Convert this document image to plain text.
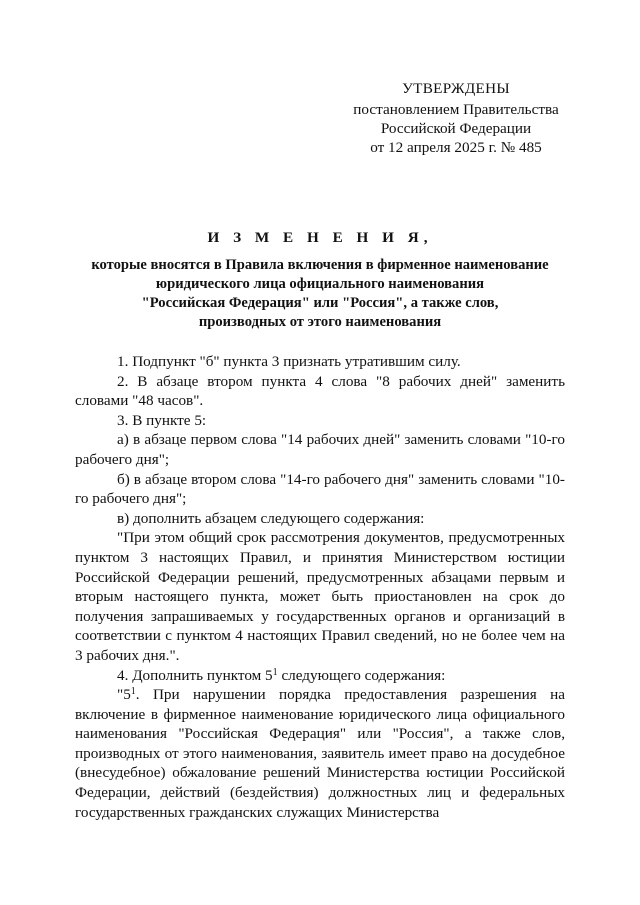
УТВЕРЖДЕНЫ
постановлением Правительства
Российской Федерации
от 12 апреля 2025 г. № 485
И З М Е Н Е Н И Я,
которые вносятся в Правила включения в фирменное наименование
юридического лица официального наименования
"Российская Федерация" или "Россия", а также слов,
производных от этого наименования

1. Подпункт "б" пункта 3 признать утратившим силу.

2. В абзаце втором пункта 4 слова "8 рабочих дней" заменить словами "48 часов".

3. В пункте 5:

а) в абзаце первом слова "14 рабочих дней" заменить словами "10-го рабочего дня";

б) в абзаце втором слова "14-го рабочего дня" заменить словами "10-го рабочего дня";

в) дополнить абзацем следующего содержания:

"При этом общий срок рассмотрения документов, предусмотренных пунктом 3 настоящих Правил, и принятия Министерством юстиции Российской Федерации решений, предусмотренных абзацами первым и вторым настоящего пункта, может быть приостановлен на срок до получения запрашиваемых у государственных органов и организаций в соответствии с пунктом 4 настоящих Правил сведений, но не более чем на 3 рабочих дня.".

4. Дополнить пунктом $5^1$ следующего содержания:

"$5^1$. При нарушении порядка предоставления разрешения на включение в фирменное наименование юридического лица официального наименования "Российская Федерация" или "Россия", а также слов, производных от этого наименования, заявитель имеет право на досудебное (внесудебное) обжалование решений Министерства юстиции Российской Федерации, действий (бездействия) должностных лиц и федеральных государственных гражданских служащих Министерства
